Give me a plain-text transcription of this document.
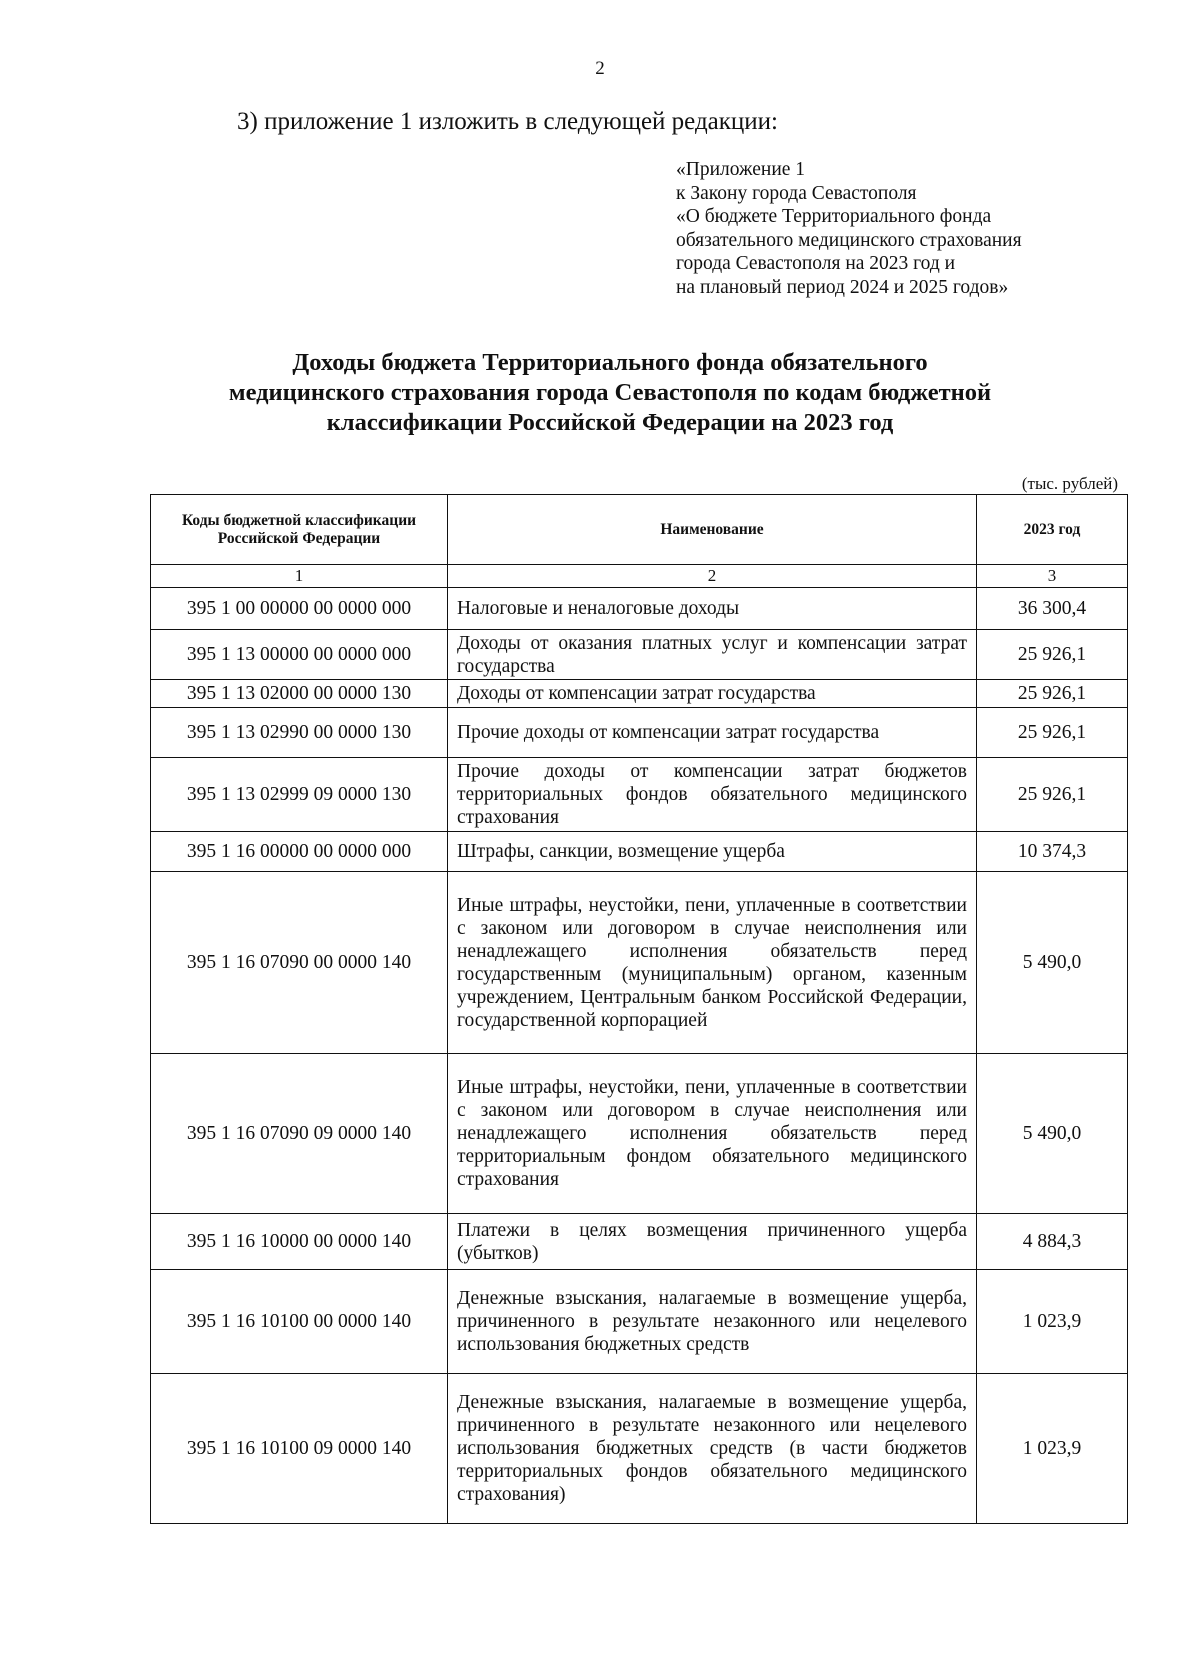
2
3) приложение 1 изложить в следующей редакции:
«Приложение 1
к Закону города Севастополя
«О бюджете Территориального фонда
обязательного медицинского страхования
города Севастополя на 2023 год и
на плановый период 2024 и 2025 годов»
Доходы бюджета Территориального фонда обязательного
медицинского страхования города Севастополя по кодам бюджетной
классификации Российской Федерации на 2023 год
(тыс. рублей)
Коды бюджетной классификации Российской Федерации	Наименование	2023 год
1	2	3
395 1 00 00000 00 0000 000	Налоговые и неналоговые доходы	36 300,4
395 1 13 00000 00 0000 000	Доходы от оказания платных услуг и компенсации затрат государства	25 926,1
395 1 13 02000 00 0000 130	Доходы от компенсации затрат государства	25 926,1
395 1 13 02990 00 0000 130	Прочие доходы от компенсации затрат государства	25 926,1
395 1 13 02999 09 0000 130	Прочие доходы от компенсации затрат бюджетов территориальных фондов обязательного медицинского страхования	25 926,1
395 1 16 00000 00 0000 000	Штрафы, санкции, возмещение ущерба	10 374,3
395 1 16 07090 00 0000 140	Иные штрафы, неустойки, пени, уплаченные в соответствии с законом или договором в случае неисполнения или ненадлежащего исполнения обязательств перед государственным (муниципальным) органом, казенным учреждением, Центральным банком Российской Федерации, государственной корпорацией	5 490,0
395 1 16 07090 09 0000 140	Иные штрафы, неустойки, пени, уплаченные в соответствии с законом или договором в случае неисполнения или ненадлежащего исполнения обязательств перед территориальным фондом обязательного медицинского страхования	5 490,0
395 1 16 10000 00 0000 140	Платежи в целях возмещения причиненного ущерба (убытков)	4 884,3
395 1 16 10100 00 0000 140	Денежные взыскания, налагаемые в возмещение ущерба, причиненного в результате незаконного или нецелевого использования бюджетных средств	1 023,9
395 1 16 10100 09 0000 140	Денежные взыскания, налагаемые в возмещение ущерба, причиненного в результате незаконного или нецелевого использования бюджетных средств (в части бюджетов территориальных фондов обязательного медицинского страхования)	1 023,9
